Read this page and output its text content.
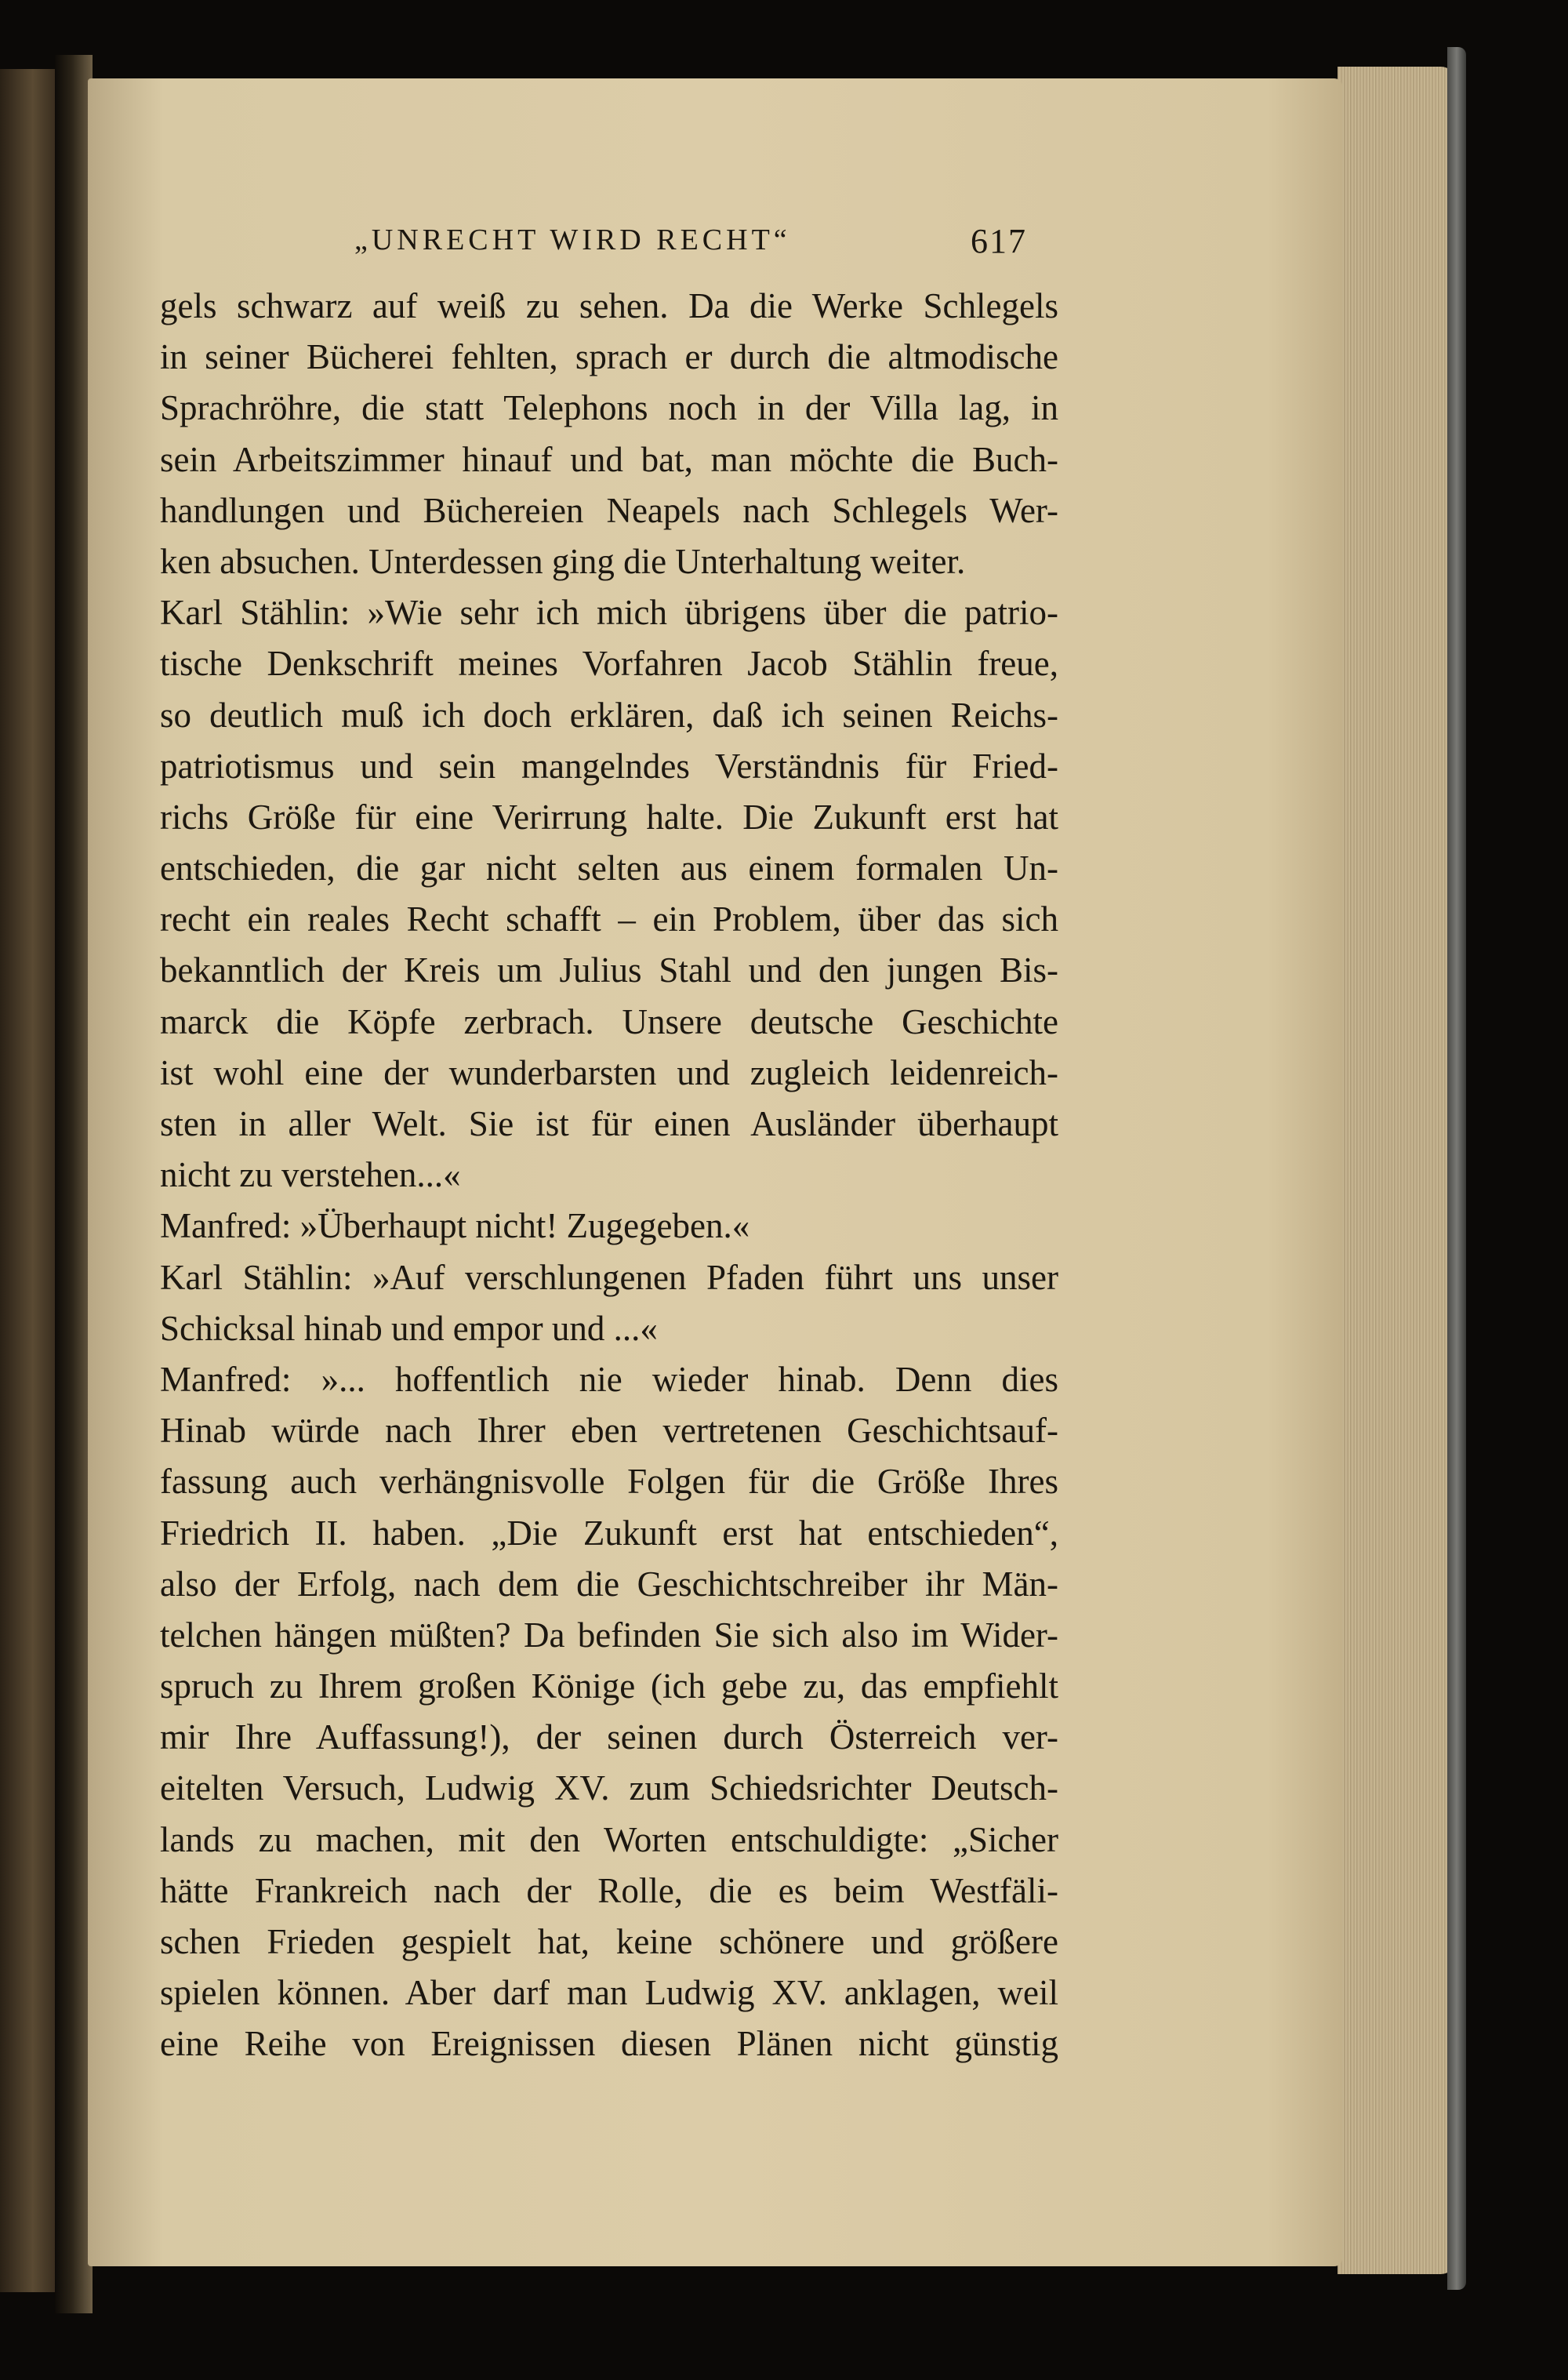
„UNRECHT WIRD RECHT“	617
gels schwarz auf weiß zu sehen. Da die Werke Schlegels
in seiner Bücherei fehlten, sprach er durch die altmodische
Sprachröhre, die statt Telephons noch in der Villa lag, in
sein Arbeitszimmer hinauf und bat, man möchte die Buch-
handlungen und Büchereien Neapels nach Schlegels Wer-
ken absuchen. Unterdessen ging die Unterhaltung weiter.
Karl Stählin: »Wie sehr ich mich übrigens über die patrio-
tische Denkschrift meines Vorfahren Jacob Stählin freue,
so deutlich muß ich doch erklären, daß ich seinen Reichs-
patriotismus und sein mangelndes Verständnis für Fried-
richs Größe für eine Verirrung halte. Die Zukunft erst hat
entschieden, die gar nicht selten aus einem formalen Un-
recht ein reales Recht schafft – ein Problem, über das sich
bekanntlich der Kreis um Julius Stahl und den jungen Bis-
marck die Köpfe zerbrach. Unsere deutsche Geschichte
ist wohl eine der wunderbarsten und zugleich leidenreich-
sten in aller Welt. Sie ist für einen Ausländer überhaupt
nicht zu verstehen...«
Manfred: »Überhaupt nicht! Zugegeben.«
Karl Stählin: »Auf verschlungenen Pfaden führt uns unser
Schicksal hinab und empor und ...«
Manfred: »... hoffentlich nie wieder hinab. Denn dies
Hinab würde nach Ihrer eben vertretenen Geschichtsauf-
fassung auch verhängnisvolle Folgen für die Größe Ihres
Friedrich II. haben. „Die Zukunft erst hat entschieden“,
also der Erfolg, nach dem die Geschichtschreiber ihr Män-
telchen hängen müßten? Da befinden Sie sich also im Wider-
spruch zu Ihrem großen Könige (ich gebe zu, das empfiehlt
mir Ihre Auffassung!), der seinen durch Österreich ver-
eitelten Versuch, Ludwig XV. zum Schiedsrichter Deutsch-
lands zu machen, mit den Worten entschuldigte: „Sicher
hätte Frankreich nach der Rolle, die es beim Westfäli-
schen Frieden gespielt hat, keine schönere und größere
spielen können. Aber darf man Ludwig XV. anklagen, weil
eine Reihe von Ereignissen diesen Plänen nicht günstig
